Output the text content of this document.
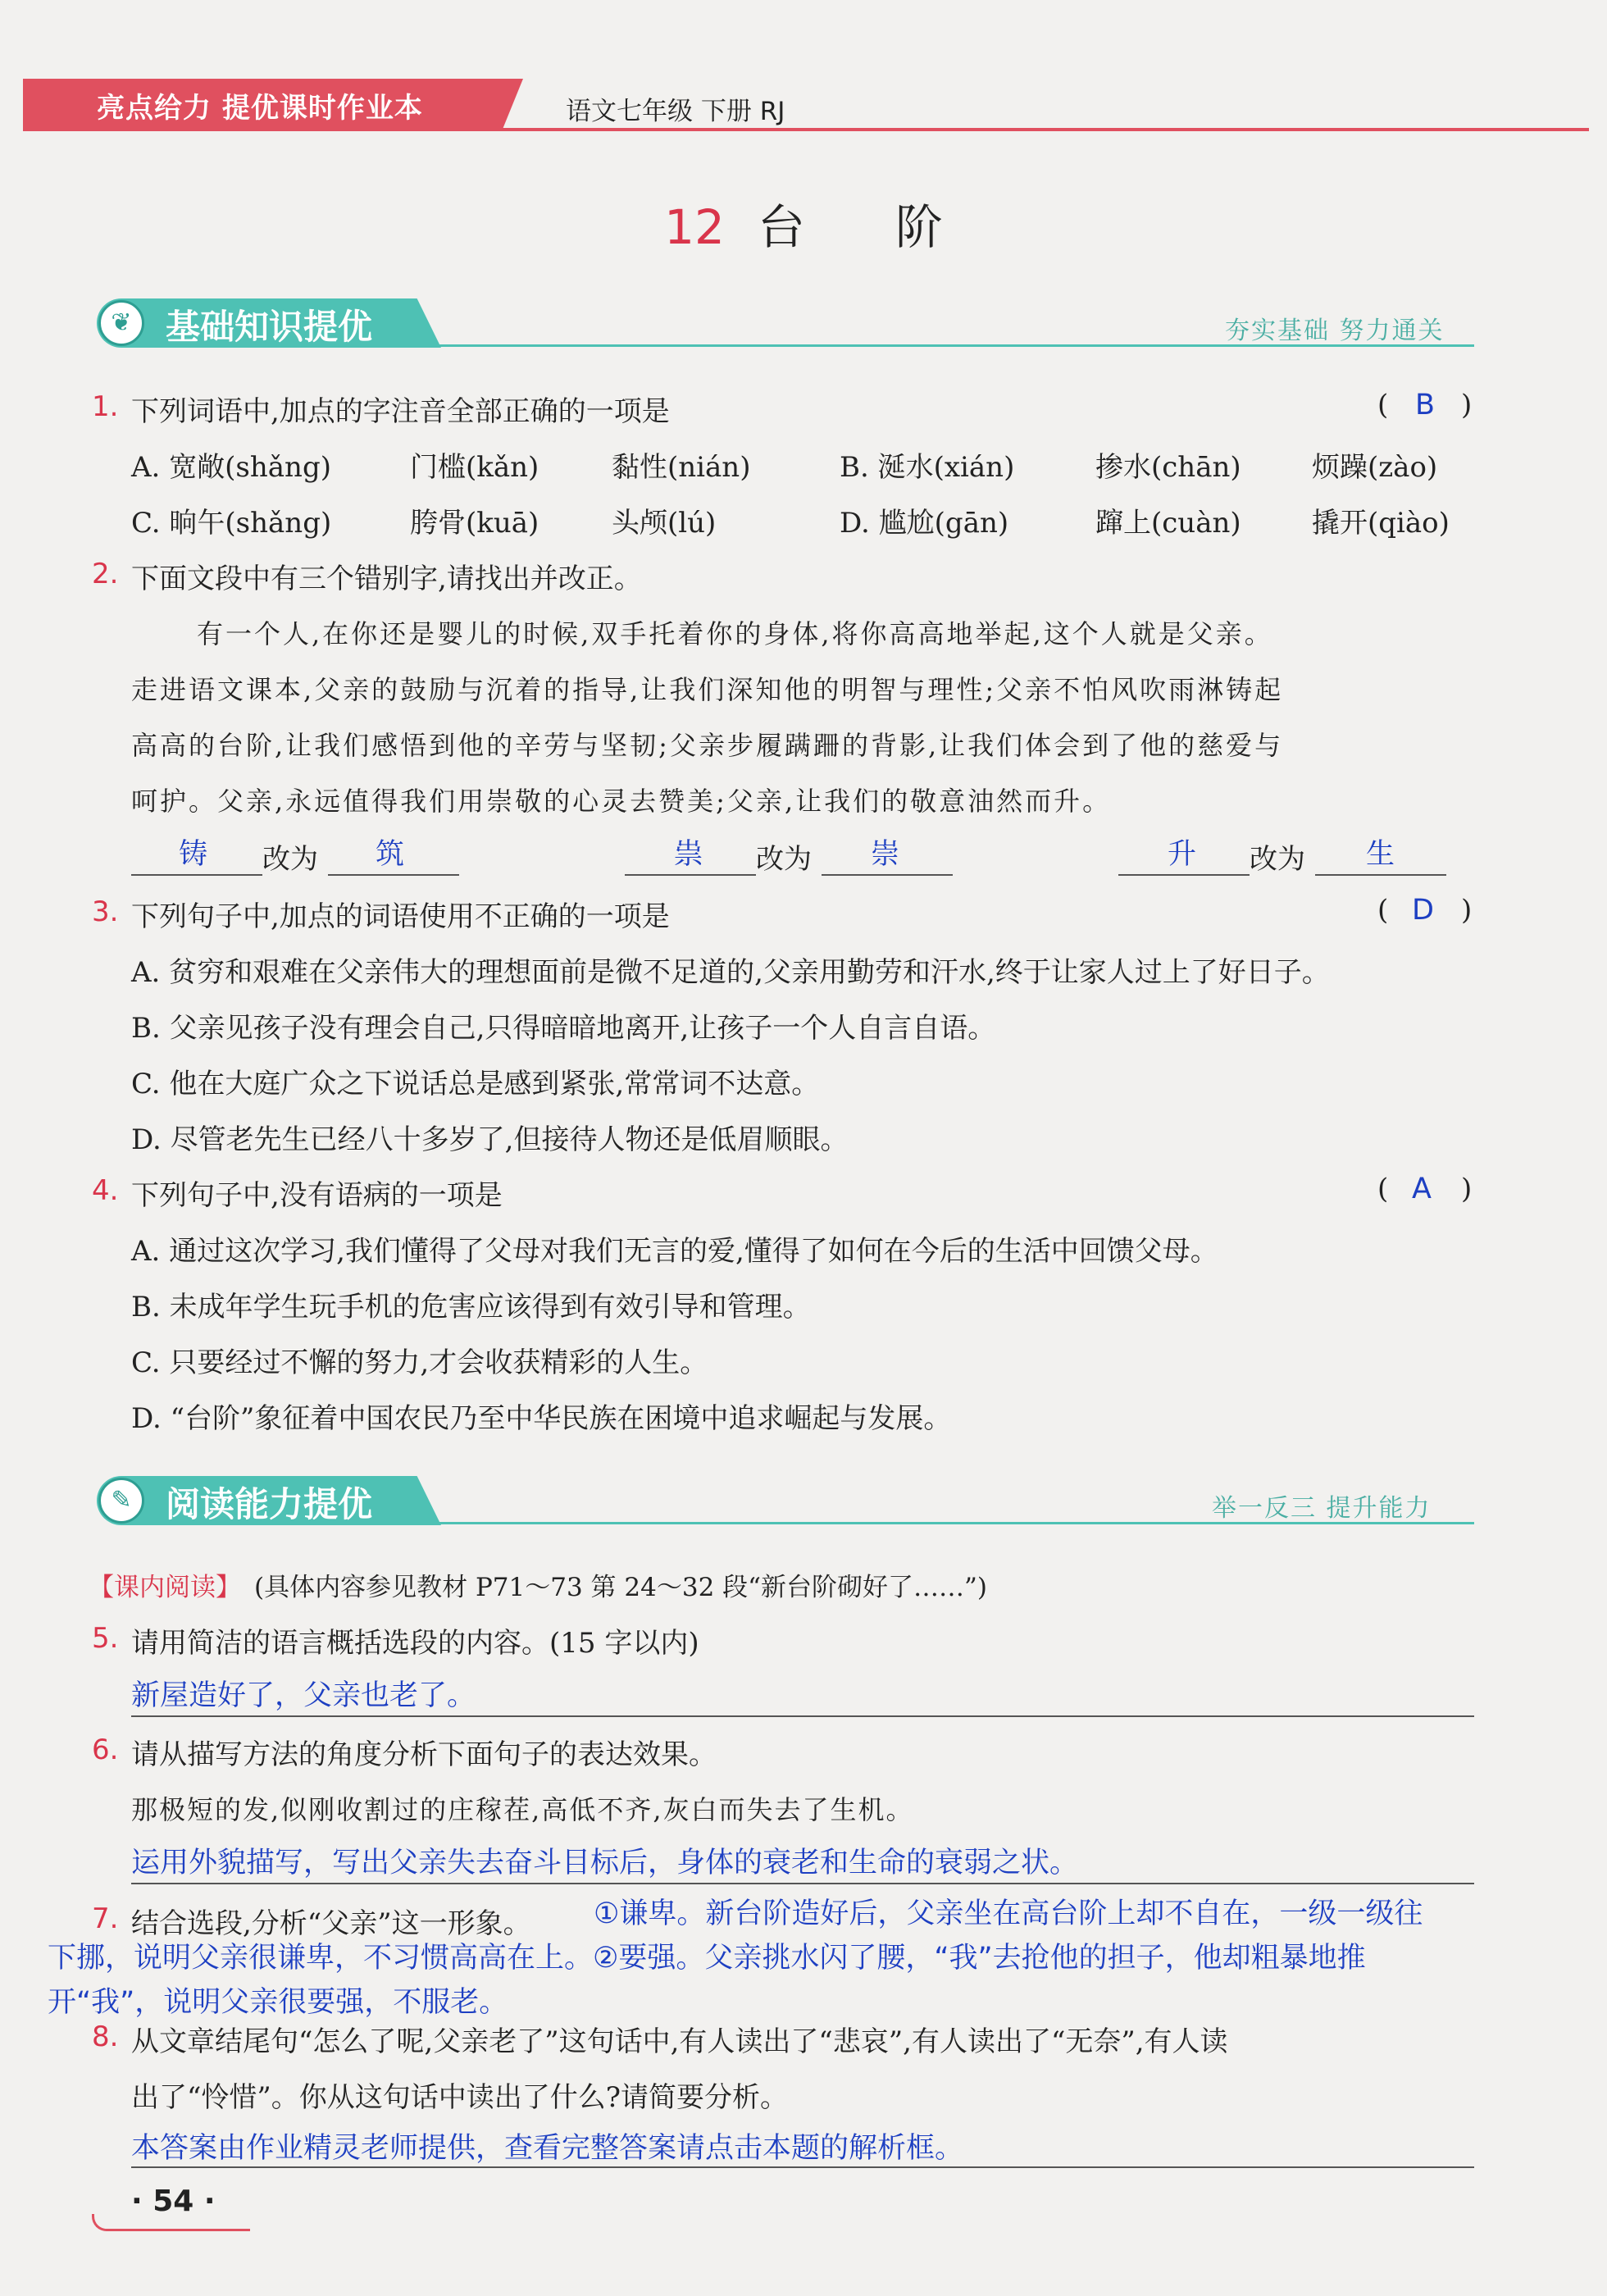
亮点给力 提优课时作业本	语文七年级 下册 RJ
12 台 阶
❦ 基础知识提优	夯实基础 努力通关
1. 下列词语中,加点的字注音全部正确的一项是	( B )
A. 宽敞(shǎng)	门槛(kǎn)	黏性(nián)	B. 涎水(xián)	掺水(chān)	烦躁(zào)
C. 晌午(shǎng)	胯骨(kuā)	头颅(lú)	D. 尴尬(gān)	蹿上(cuàn)	撬开(qiào)
2. 下面文段中有三个错别字,请找出并改正。
有一个人,在你还是婴儿的时候,双手托着你的身体,将你高高地举起,这个人就是父亲。
走进语文课本,父亲的鼓励与沉着的指导,让我们深知他的明智与理性;父亲不怕风吹雨淋铸起
高高的台阶,让我们感悟到他的辛劳与坚韧;父亲步履蹒跚的背影,让我们体会到了他的慈爱与
呵护。父亲,永远值得我们用崇敬的心灵去赞美;父亲,让我们的敬意油然而升。
铸 改为 筑	祟 改为 崇	升 改为 生
3. 下列句子中,加点的词语使用不正确的一项是	( D )
A. 贫穷和艰难在父亲伟大的理想面前是微不足道的,父亲用勤劳和汗水,终于让家人过上了好日子。
B. 父亲见孩子没有理会自己,只得暗暗地离开,让孩子一个人自言自语。
C. 他在大庭广众之下说话总是感到紧张,常常词不达意。
D. 尽管老先生已经八十多岁了,但接待人物还是低眉顺眼。
4. 下列句子中,没有语病的一项是	( A )
A. 通过这次学习,我们懂得了父母对我们无言的爱,懂得了如何在今后的生活中回馈父母。
B. 未成年学生玩手机的危害应该得到有效引导和管理。
C. 只要经过不懈的努力,才会收获精彩的人生。
D. “台阶”象征着中国农民乃至中华民族在困境中追求崛起与发展。
✎ 阅读能力提优	举一反三 提升能力
【课内阅读】 (具体内容参见教材 P71～73 第 24～32 段“新台阶砌好了……”)
5. 请用简洁的语言概括选段的内容。(15 字以内)
新屋造好了，父亲也老了。
6. 请从描写方法的角度分析下面句子的表达效果。
那极短的发,似刚收割过的庄稼茬,高低不齐,灰白而失去了生机。
运用外貌描写，写出父亲失去奋斗目标后，身体的衰老和生命的衰弱之状。
7. 结合选段,分析“父亲”这一形象。 ①谦卑。新台阶造好后，父亲坐在高台阶上却不自在，一级一级往
下挪，说明父亲很谦卑，不习惯高高在上。②要强。父亲挑水闪了腰，“我”去抢他的担子，他却粗暴地推
开“我”，说明父亲很要强，不服老。
8. 从文章结尾句“怎么了呢,父亲老了”这句话中,有人读出了“悲哀”,有人读出了“无奈”,有人读
出了“怜惜”。你从这句话中读出了什么?请简要分析。
本答案由作业精灵老师提供，查看完整答案请点击本题的解析框。
· 54 ·
